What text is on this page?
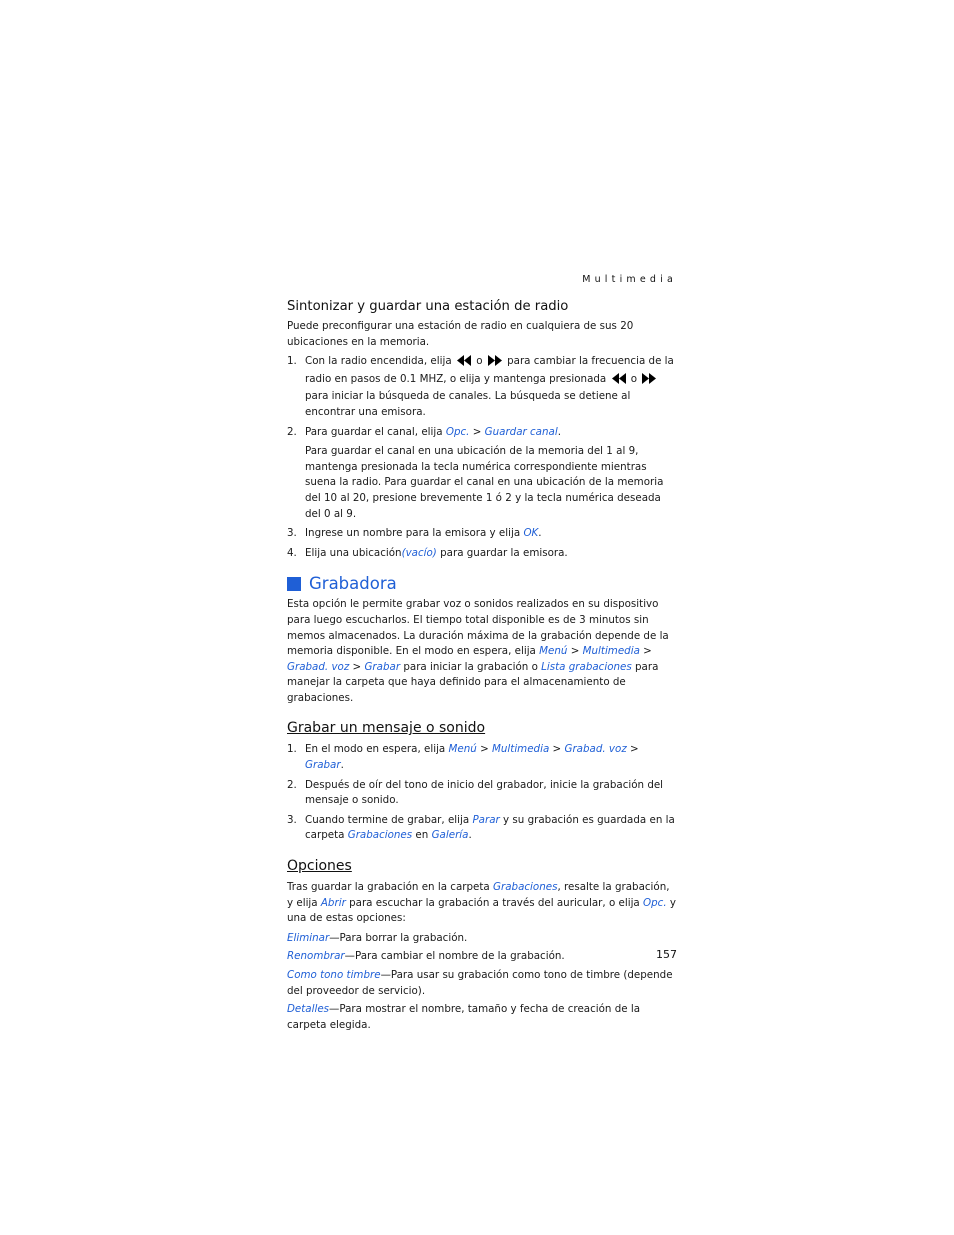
Multimedia
Sintonizar y guardar una estación de radio

Puede preconfigurar una estación de radio en cualquiera de sus 20 ubicaciones en la memoria.

1. Con la radio encendida, elija o para cambiar la frecuencia de la radio en pasos de 0.1 MHZ, o elija y mantenga presionada o  para iniciar la búsqueda de canales. La búsqueda se detiene al encontrar una emisora.
2. Para guardar el canal, elija Opc. > Guardar canal.

Para guardar el canal en una ubicación de la memoria del 1 al 9, mantenga presionada la tecla numérica correspondiente mientras suena la radio. Para guardar el canal en una ubicación de la memoria del 10 al 20, presione brevemente 1 ó 2 y la tecla numérica deseada del 0 al 9.

3. Ingrese un nombre para la emisora y elija OK.
4. Elija una ubicación(vacío) para guardar la emisora.
Grabadora

Esta opción le permite grabar voz o sonidos realizados en su dispositivo para luego escucharlos. El tiempo total disponible es de 3 minutos sin memos almacenados. La duración máxima de la grabación depende de la memoria disponible. En el modo en espera, elija Menú > Multimedia > Grabad. voz > Grabar para iniciar la grabación o Lista grabaciones para manejar la carpeta que haya definido para el almacenamiento de grabaciones.

Grabar un mensaje o sonido
1. En el modo en espera, elija Menú > Multimedia > Grabad. voz > Grabar.
2. Después de oír del tono de inicio del grabador, inicie la grabación del mensaje o sonido.
3. Cuando termine de grabar, elija Parar y su grabación es guardada en la carpeta Grabaciones en Galería.
Opciones

Tras guardar la grabación en la carpeta Grabaciones, resalte la grabación, y elija Abrir para escuchar la grabación a través del auricular, o elija Opc. y una de estas opciones:

Eliminar—Para borrar la grabación.

Renombrar—Para cambiar el nombre de la grabación.

Como tono timbre—Para usar su grabación como tono de timbre (depende del proveedor de servicio).

Detalles—Para mostrar el nombre, tamaño y fecha de creación de la carpeta elegida.

157
